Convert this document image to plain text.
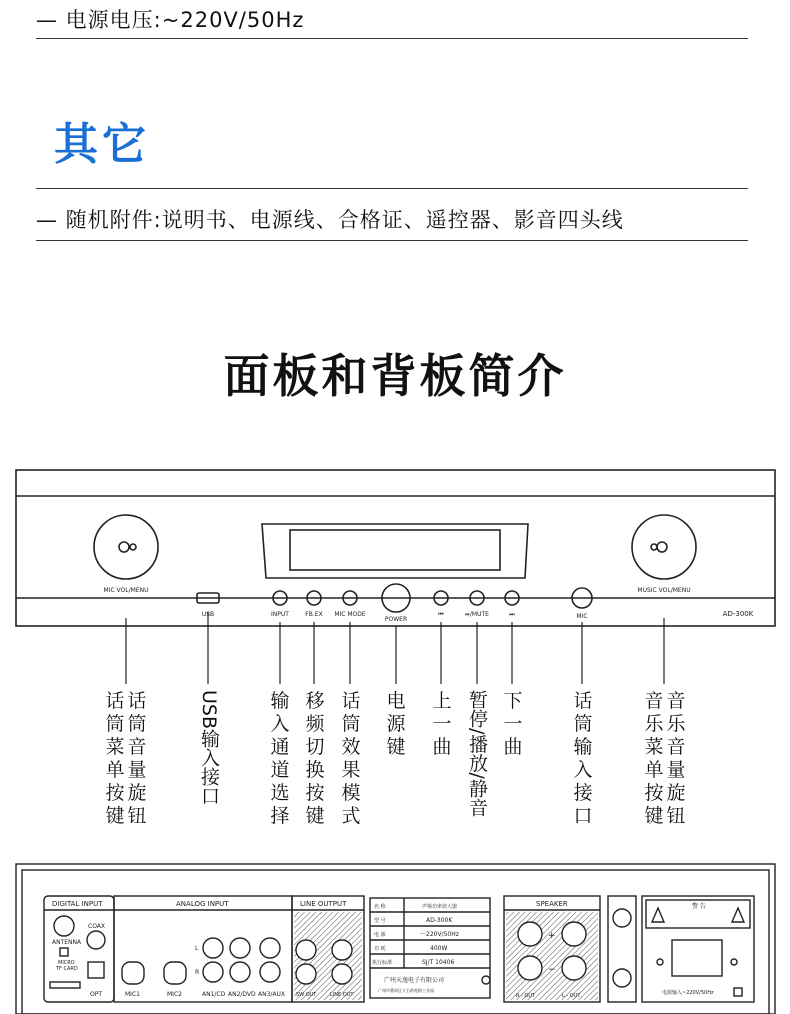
— 电源电压:~220V/50Hz
其它
— 随机附件:说明书、电源线、合格证、遥控器、影音四头线
面板和背板简介
MIC VOL/MENU	MUSIC VOL/MENU
USB	INPUT	FB.EX MIC MODE
POWER
⏮	⏯/MUTE	⏭	MIC	AD-300K
话筒菜单按键
话筒音量旋钮
USB输入接口	输入通道选择
移频切换按键
话筒效果模式
电源键
上一曲 暂停/播放/静音 下一曲
话筒输入接口
音乐菜单按键
音乐音量旋钮
DIGITAL INPUT	ANALOG INPUT	LINE OUTPUT	SPEAKER
ANTENNA
COAX
MICRO
TF CARD
OPT	MIC1	MIC2	AN1/CD AN2/DVD AN3/AUX
L
R
SW OUT	LINE OUT	R - OUT	L - OUT
+
−
警 告
电源输入~220V/50Hz
名 称	声频功率放大器
型 号	AD-300K
电 源	〜220V/50Hz
功 耗	400W
执行标准	SJ/T 10406
广州天逸电子有限公司
广州市番禺区大石荷苑路工业园
